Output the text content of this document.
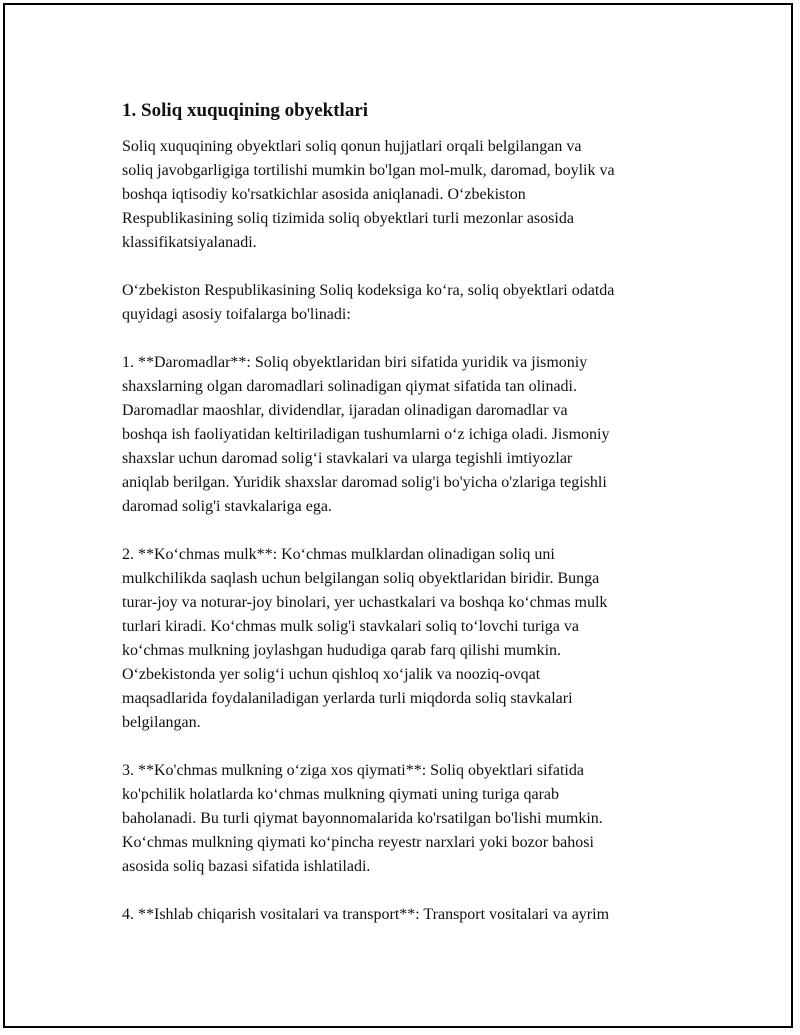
1. Soliq xuquqining obyektlari

Soliq xuquqining obyektlari soliq qonun hujjatlari orqali belgilangan va
soliq javobgarligiga tortilishi mumkin bo'lgan mol-mulk, daromad, boylik va
boshqa iqtisodiy ko'rsatkichlar asosida aniqlanadi. O‘zbekiston
Respublikasining soliq tizimida soliq obyektlari turli mezonlar asosida
klassifikatsiyalanadi.

O‘zbekiston Respublikasining Soliq kodeksiga ko‘ra, soliq obyektlari odatda
quyidagi asosiy toifalarga bo'linadi:

1. **Daromadlar**: Soliq obyektlaridan biri sifatida yuridik va jismoniy
shaxslarning olgan daromadlari solinadigan qiymat sifatida tan olinadi.
Daromadlar maoshlar, dividendlar, ijaradan olinadigan daromadlar va
boshqa ish faoliyatidan keltiriladigan tushumlarni o‘z ichiga oladi. Jismoniy
shaxslar uchun daromad solig‘i stavkalari va ularga tegishli imtiyozlar
aniqlab berilgan. Yuridik shaxslar daromad solig'i bo'yicha o'zlariga tegishli
daromad solig'i stavkalariga ega.

2. **Ko‘chmas mulk**: Ko‘chmas mulklardan olinadigan soliq uni
mulkchilikda saqlash uchun belgilangan soliq obyektlaridan biridir. Bunga
turar-joy va noturar-joy binolari, yer uchastkalari va boshqa ko‘chmas mulk
turlari kiradi. Ko‘chmas mulk solig'i stavkalari soliq to‘lovchi turiga va
ko‘chmas mulkning joylashgan hududiga qarab farq qilishi mumkin.
O‘zbekistonda yer solig‘i uchun qishloq xo‘jalik va nooziq-ovqat
maqsadlarida foydalaniladigan yerlarda turli miqdorda soliq stavkalari
belgilangan.

3. **Ko'chmas mulkning o‘ziga xos qiymati**: Soliq obyektlari sifatida
ko'pchilik holatlarda ko‘chmas mulkning qiymati uning turiga qarab
baholanadi. Bu turli qiymat bayonnomalarida ko'rsatilgan bo'lishi mumkin.
Ko‘chmas mulkning qiymati ko‘pincha reyestr narxlari yoki bozor bahosi
asosida soliq bazasi sifatida ishlatiladi.

4. **Ishlab chiqarish vositalari va transport**: Transport vositalari va ayrim
